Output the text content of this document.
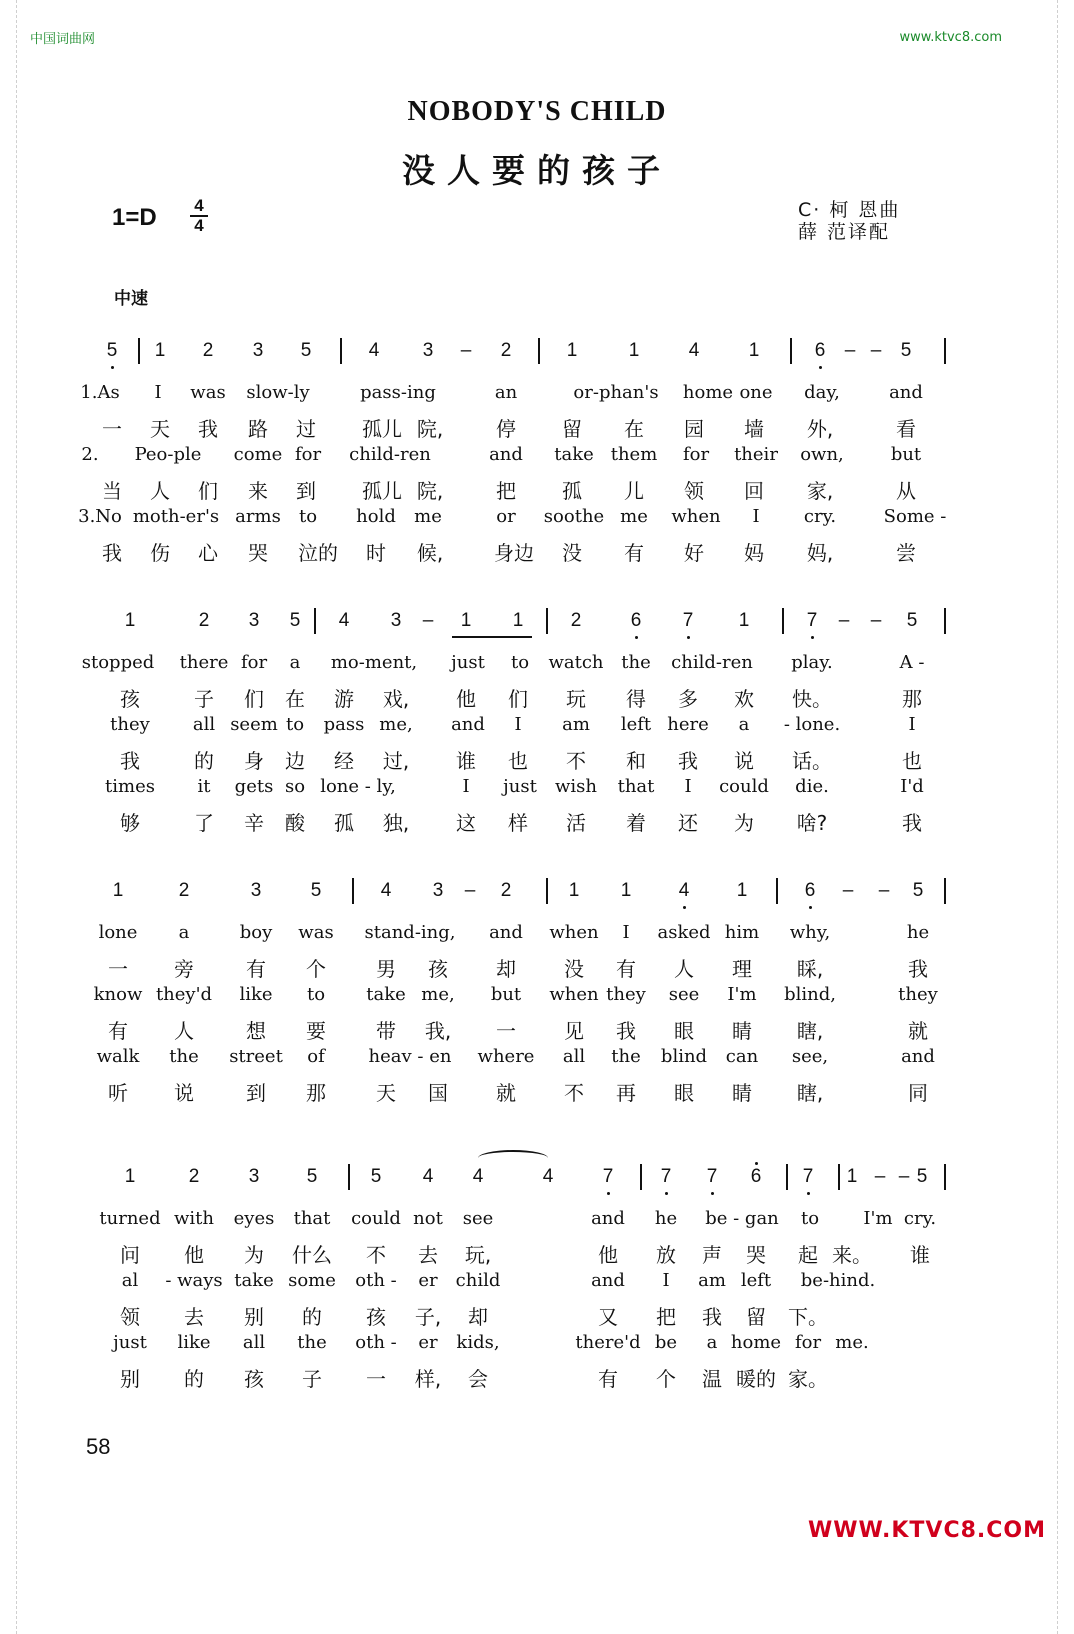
中国词曲网	www.ktvc8.com
NOBODY'S CHILD
没人要的孩子
1=D 4
4
C· 柯 恩曲
薛 范译配
中速
5 1 2 3 5	4 3 – 2	1	1	4	1	6 – – 5
1.As I was slow-ly	pass-ing	an	or-phan's home one day,	and
一 天 我 路 过 孤儿 院,	停 留 在 园 墙 外,	看
2. Peo-ple come for child-ren	and take them for their own,	but
当 人 们 来 到 孤儿 院,	把 孤 儿 领 回 家,	从
3.No moth-er's arms to hold me	or soothe me when I cry.	Some -
我 伤 心 哭 泣的 时 候,	身边 没 有 好 妈 妈,	尝
1	2 3 5 4 3 – 1 1 2	6 7 1	7 – – 5
stopped there for a mo-ment, just to watch the child-ren play.	A -
孩	子 们 在 游 戏, 他 们 玩 得 多 欢 快。	那
they all seem to pass me, and I am left here a - lone.	I
我	的 身 边 经 过, 谁 也 不 和 我 说 话。	也
times it gets so lone - ly,	I just wish that I could die.	I'd
够	了 辛 酸 孤 独, 这 样 活 着 还 为 啥?	我
1	2	3	5	4 3 – 2	1 1 4 1	6 – – 5
lone a	boy was stand-ing, and when I asked him why,	he
一 旁	有 个	男 孩 却 没 有 人 理 睬,	我
know they'd like to take me, but when they see I'm blind,	they
有 人	想 要	带 我, 一 见 我 眼 睛 瞎,	就
walk the street of heav - en where all the blind can see,	and
听 说	到 那	天 国 就 不 再 眼 睛 瞎,	同
1	2	3 5	5 4 4	4	7 7 7 6 7 1 – – 5
turned with eyes that could not see	and he be - gan to	cry.
I'm
问 他 为 什么 不 去 玩,	他 放 声 哭 起 来。 谁
al - ways take some oth - er child	and I am left be-hind.
领 去 别 的 孩 子, 却	又 把 我 留 下。
just like all the oth - er kids,	there'd be a home for me.
别 的 孩 子 一 样, 会	有 个 温 暖的 家。
58
WWW.KTVC8.COM
